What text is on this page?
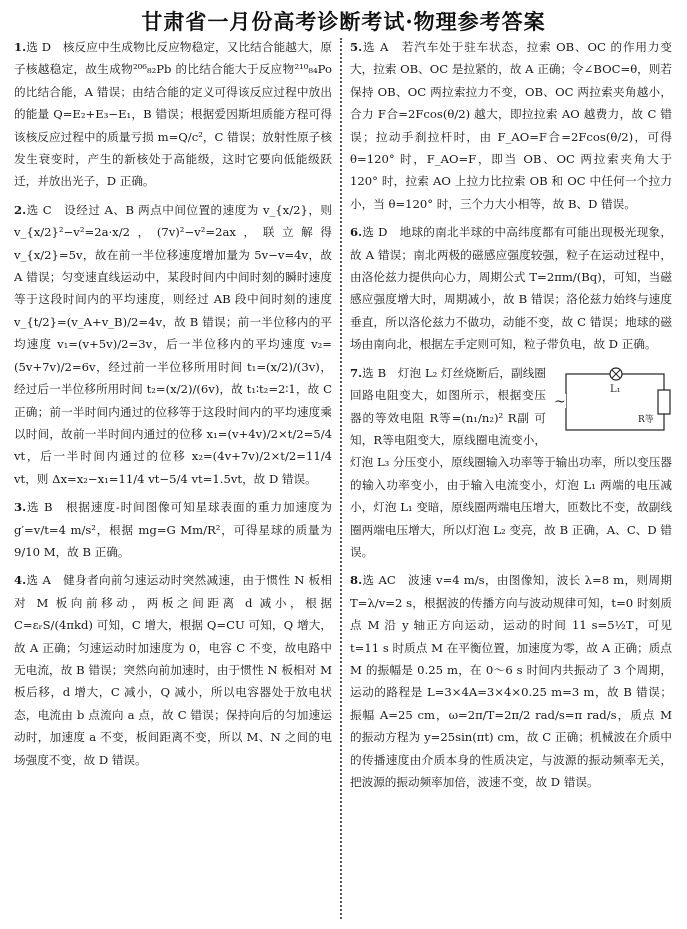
甘肃省一月份高考诊断考试·物理参考答案

1.选 D　核反应中生成物比反应物稳定，又比结合能越大，原子核越稳定，故生成物²⁰⁶₈₂Pb 的比结合能大于反应物²¹⁰₈₄Po 的比结合能，A 错误；由结合能的定义可得该反应过程中放出的能量 Q=E₂+E₃−E₁，B 错误；根据爱因斯坦质能方程可得该核反应过程中的质量亏损 m=Q/c²，C 错误；放射性原子核发生衰变时，产生的新核处于高能级，这时它要向低能级跃迁，并放出光子，D 正确。

2.选 C　设经过 A、B 两点中间位置的速度为 v_{x/2}，则 v_{x/2}²−v²=2a·x/2，(7v)²−v²=2ax，联立解得 v_{x/2}=5v，故在前一半位移速度增加量为 5v−v=4v，故 A 错误；匀变速直线运动中，某段时间内中间时刻的瞬时速度等于这段时间内的平均速度，则经过 AB 段中间时刻的速度 v_{t/2}=(v_A+v_B)/2=4v，故 B 错误；前一半位移内的平均速度 v₁=(v+5v)/2=3v，后一半位移内的平均速度 v₂=(5v+7v)/2=6v，经过前一半位移所用时间 t₁=(x/2)/(3v)，经过后一半位移所用时间 t₂=(x/2)/(6v)，故 t₁∶t₂=2∶1，故 C 正确；前一半时间内通过的位移等于这段时间内的平均速度乘以时间，故前一半时间内通过的位移 x₁=(v+4v)/2×t/2=5/4 vt，后一半时间内通过的位移 x₂=(4v+7v)/2×t/2=11/4 vt，则 Δx=x₂−x₁=11/4 vt−5/4 vt=1.5vt，故 D 错误。

3.选 B　根据速度-时间图像可知星球表面的重力加速度为 g′=v/t=4 m/s²，根据 mg=G Mm/R²，可得星球的质量为 9/10 M，故 B 正确。

4.选 A　健身者向前匀速运动时突然减速，由于惯性 N 板相对 M 板向前移动，两板之间距离 d 减小，根据 C=εᵣS/(4πkd) 可知，C 增大，根据 Q=CU 可知，Q 增大，故 A 正确；匀速运动时加速度为 0，电容 C 不变，故电路中无电流，故 B 错误；突然向前加速时，由于惯性 N 板相对 M 板后移，d 增大，C 减小，Q 减小，所以电容器处于放电状态，电流由 b 点流向 a 点，故 C 错误；保持向后的匀加速运动时，加速度 a 不变，板间距离不变，所以 M、N 之间的电场强度不变，故 D 错误。

5.选 A　若汽车处于驻车状态，拉索 OB、OC 的作用力变大，拉索 OB、OC 是拉紧的，故 A 正确；令∠BOC=θ，则若保持 OB、OC 两拉索拉力不变，OB、OC 两拉索夹角越小，合力 F合=2Fcos(θ/2) 越大，即拉拉索 AO 越费力，故 C 错误；拉动手刹拉杆时，由 F_AO=F合=2Fcos(θ/2)，可得 θ=120° 时，F_AO=F，即当 OB、OC 两拉索夹角大于 120° 时，拉索 AO 上拉力比拉索 OB 和 OC 中任何一个拉力小，当 θ=120° 时，三个力大小相等，故 B、D 错误。

6.选 D　地球的南北半球的中高纬度都有可能出现极光现象，故 A 错误；南北两极的磁感应强度较强，粒子在运动过程中，由洛伦兹力提供向心力，周期公式 T=2πm/(Bq)，可知，当磁感应强度增大时，周期减小，故 B 错误；洛伦兹力始终与速度垂直，所以洛伦兹力不做功，动能不变，故 C 错误；地球的磁场由南向北，根据左手定则可知，粒子带负电，故 D 正确。

~
L₁
R等
7.选 B　灯泡 L₂ 灯丝烧断后，副线圈回路电阻变大，如图所示，根据变压器的等效电阻 R等=(n₁/n₂)² R副 可知，R等电阻变大，原线圈电流变小，灯泡 L₃ 分压变小，原线圈输入功率等于输出功率，所以变压器的输入功率变小，由于输入电流变小，灯泡 L₁ 两端的电压减小，灯泡 L₁ 变暗，原线圈两端电压增大，匝数比不变，故副线圈两端电压增大，所以灯泡 L₂ 变亮，故 B 正确，A、C、D 错误。

8.选 AC　波速 v=4 m/s，由图像知，波长 λ=8 m，则周期 T=λ/v=2 s，根据波的传播方向与波动规律可知，t=0 时刻质点 M 沿 y 轴正方向运动，运动的时间 11 s=5½T，可见 t=11 s 时质点 M 在平衡位置，加速度为零，故 A 正确；质点 M 的振幅是 0.25 m，在 0～6 s 时间内共振动了 3 个周期，运动的路程是 L=3×4A=3×4×0.25 m=3 m，故 B 错误；振幅 A=25 cm，ω=2π/T=2π/2 rad/s=π rad/s，质点 M 的振动方程为 y=25sin(πt) cm，故 C 正确；机械波在介质中的传播速度由介质本身的性质决定，与波源的振动频率无关，把波源的振动频率加倍，波速不变，故 D 错误。
